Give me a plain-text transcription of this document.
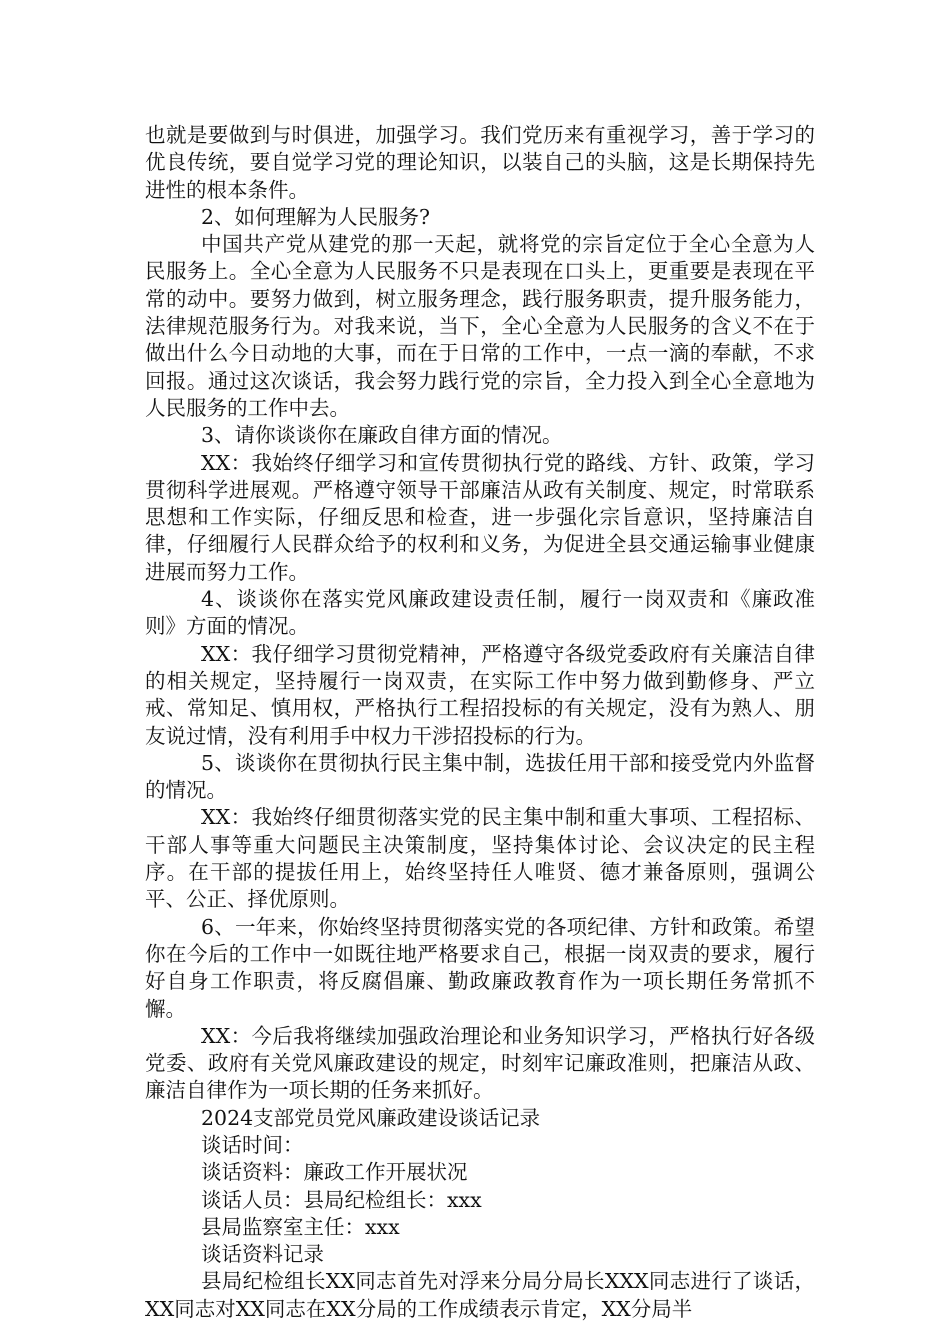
也就是要做到与时俱进，加强学习。我们党历来有重视学习，善于学习的优良传统，要自觉学习党的理论知识，以装自己的头脑，这是长期保持先进性的根本条件。

2、如何理解为人民服务?

中国共产党从建党的那一天起，就将党的宗旨定位于全心全意为人民服务上。全心全意为人民服务不只是表现在口头上，更重要是表现在平常的动中。要努力做到，树立服务理念，践行服务职责，提升服务能力，法律规范服务行为。对我来说，当下，全心全意为人民服务的含义不在于做出什么今日动地的大事，而在于日常的工作中，一点一滴的奉献，不求回报。通过这次谈话，我会努力践行党的宗旨，全力投入到全心全意地为人民服务的工作中去。

3、请你谈谈你在廉政自律方面的情况。

XX：我始终仔细学习和宣传贯彻执行党的路线、方针、政策，学习贯彻科学进展观。严格遵守领导干部廉洁从政有关制度、规定，时常联系思想和工作实际，仔细反思和检查，进一步强化宗旨意识，坚持廉洁自律，仔细履行人民群众给予的权利和义务，为促进全县交通运输事业健康进展而努力工作。

4、谈谈你在落实党风廉政建设责任制，履行一岗双责和《廉政准则》方面的情况。

XX：我仔细学习贯彻党精神，严格遵守各级党委政府有关廉洁自律的相关规定，坚持履行一岗双责，在实际工作中努力做到勤修身、严立戒、常知足、慎用权，严格执行工程招投标的有关规定，没有为熟人、朋友说过情，没有利用手中权力干涉招投标的行为。

5、谈谈你在贯彻执行民主集中制，选拔任用干部和接受党内外监督的情况。

XX：我始终仔细贯彻落实党的民主集中制和重大事项、工程招标、干部人事等重大问题民主决策制度，坚持集体讨论、会议决定的民主程序。在干部的提拔任用上，始终坚持任人唯贤、德才兼备原则，强调公平、公正、择优原则。

6、一年来，你始终坚持贯彻落实党的各项纪律、方针和政策。希望你在今后的工作中一如既往地严格要求自己，根据一岗双责的要求，履行好自身工作职责，将反腐倡廉、勤政廉政教育作为一项长期任务常抓不懈。

XX：今后我将继续加强政治理论和业务知识学习，严格执行好各级党委、政府有关党风廉政建设的规定，时刻牢记廉政准则，把廉洁从政、廉洁自律作为一项长期的任务来抓好。

2024支部党员党风廉政建设谈话记录

谈话时间：

谈话资料：廉政工作开展状况

谈话人员：县局纪检组长：xxx

县局监察室主任：xxx

谈话资料记录

县局纪检组长XX同志首先对浮来分局分局长XXX同志进行了谈话，XX同志对XX同志在XX分局的工作成绩表示肯定，XX分局半
